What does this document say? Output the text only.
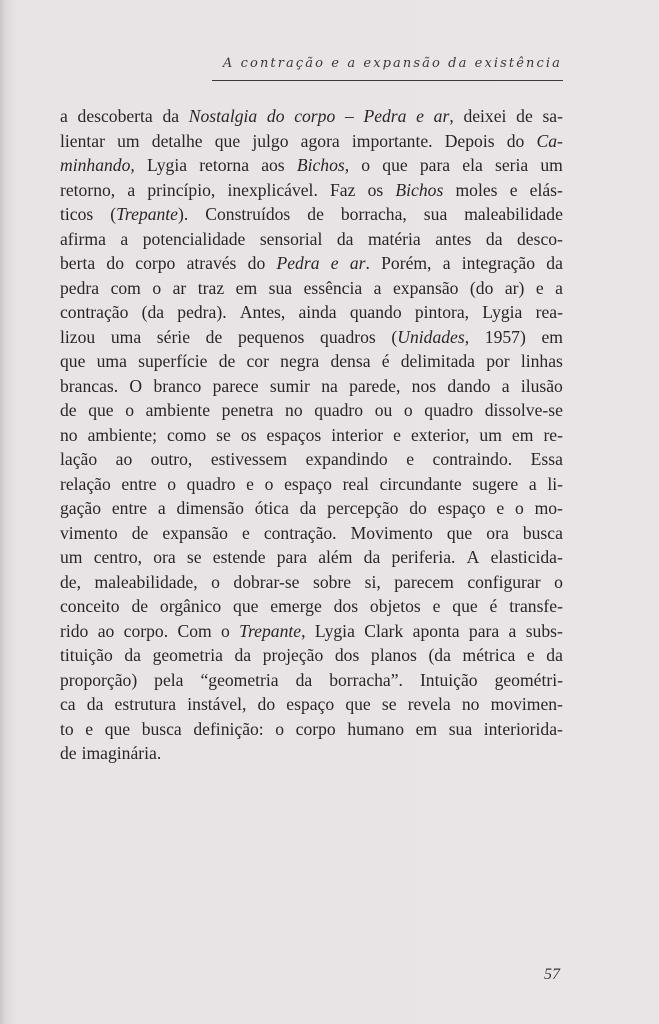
A contração e a expansão da existência
a descoberta da Nostalgia do corpo – Pedra e ar, deixei de sa-
lientar um detalhe que julgo agora importante. Depois do Ca-
minhando, Lygia retorna aos Bichos, o que para ela seria um
retorno, a princípio, inexplicável. Faz os Bichos moles e elás-
ticos (Trepante). Construídos de borracha, sua maleabilidade
afirma a potencialidade sensorial da matéria antes da desco-
berta do corpo através do Pedra e ar. Porém, a integração da
pedra com o ar traz em sua essência a expansão (do ar) e a
contração (da pedra). Antes, ainda quando pintora, Lygia rea-
lizou uma série de pequenos quadros (Unidades, 1957) em
que uma superfície de cor negra densa é delimitada por linhas
brancas. O branco parece sumir na parede, nos dando a ilusão
de que o ambiente penetra no quadro ou o quadro dissolve-se
no ambiente; como se os espaços interior e exterior, um em re-
lação ao outro, estivessem expandindo e contraindo. Essa
relação entre o quadro e o espaço real circundante sugere a li-
gação entre a dimensão ótica da percepção do espaço e o mo-
vimento de expansão e contração. Movimento que ora busca
um centro, ora se estende para além da periferia. A elasticida-
de, maleabilidade, o dobrar-se sobre si, parecem configurar o
conceito de orgânico que emerge dos objetos e que é transfe-
rido ao corpo. Com o Trepante, Lygia Clark aponta para a subs-
tituição da geometria da projeção dos planos (da métrica e da
proporção) pela “geometria da borracha”. Intuição geométri-
ca da estrutura instável, do espaço que se revela no movimen-
to e que busca definição: o corpo humano em sua interiorida-
de imaginária.
57
